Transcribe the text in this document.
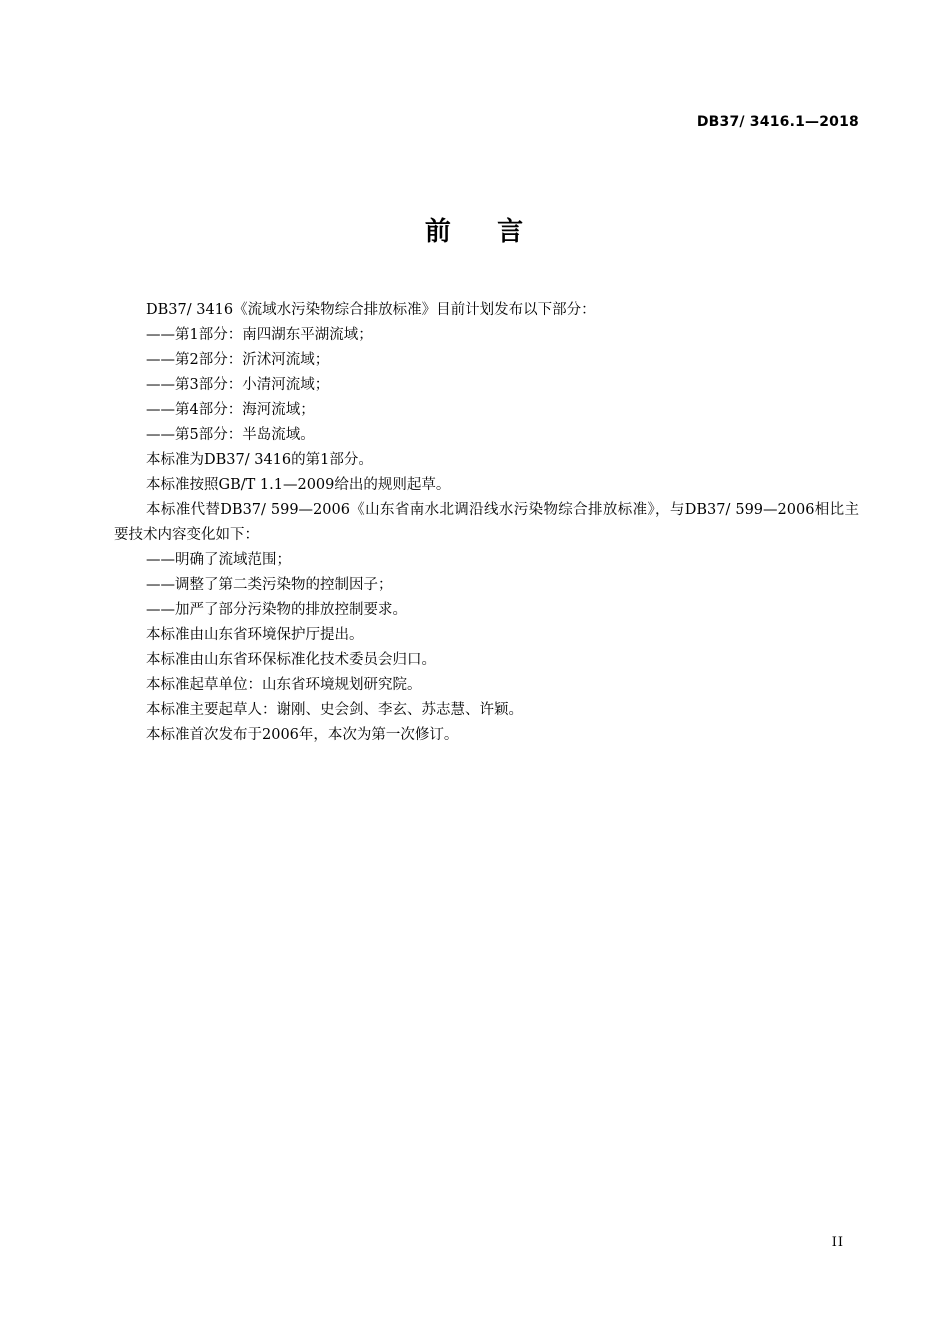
DB37/ 3416.1—2018
前    言

DB37/ 3416《流域水污染物综合排放标准》目前计划发布以下部分：

——第1部分：南四湖东平湖流域；

——第2部分：沂沭河流域；

——第3部分：小清河流域；

——第4部分：海河流域；

——第5部分：半岛流域。

本标准为DB37/ 3416的第1部分。

本标准按照GB/T 1.1—2009给出的规则起草。

本标准代替DB37/ 599—2006《山东省南水北调沿线水污染物综合排放标准》，与DB37/ 599—2006相比主要技术内容变化如下：

——明确了流域范围；

——调整了第二类污染物的控制因子；

——加严了部分污染物的排放控制要求。

本标准由山东省环境保护厅提出。

本标准由山东省环保标准化技术委员会归口。

本标准起草单位：山东省环境规划研究院。

本标准主要起草人：谢刚、史会剑、李玄、苏志慧、许颖。

本标准首次发布于2006年，本次为第一次修订。

II
